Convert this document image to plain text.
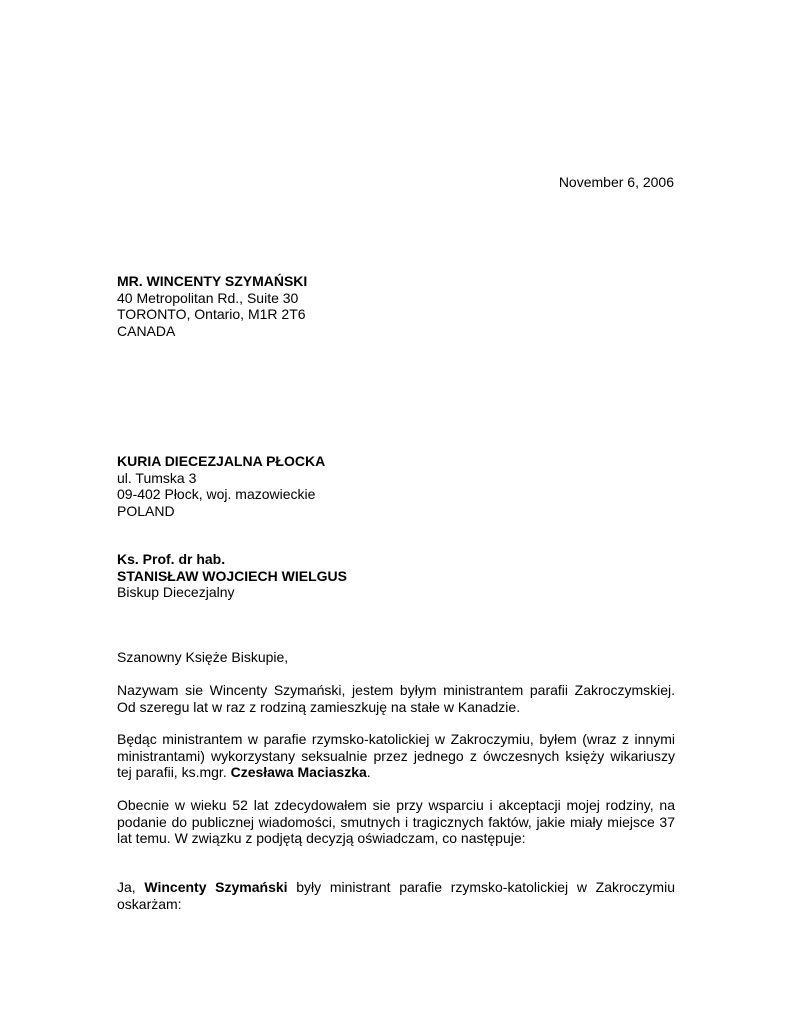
November 6, 2006
MR. WINCENTY SZYMAŃSKI
40 Metropolitan Rd., Suite 30
TORONTO, Ontario, M1R 2T6
CANADA
KURIA DIECEZJALNA PŁOCKA
ul. Tumska 3
09-402 Płock, woj. mazowieckie
POLAND
Ks. Prof. dr hab.
STANISŁAW WOJCIECH WIELGUS
Biskup Diecezjalny
Szanowny Księże Biskupie,

Nazywam sie Wincenty Szymański, jestem byłym ministrantem parafii Zakroczymskiej. Od szeregu lat w raz z rodziną zamieszkuję na stałe w Kanadzie.

Będąc ministrantem w parafie rzymsko-katolickiej w Zakroczymiu, byłem (wraz z innymi ministrantami) wykorzystany seksualnie przez jednego z ówczesnych księży wikariuszy tej parafii, ks.mgr. Czesława Maciaszka.

Obecnie w wieku 52 lat zdecydowałem sie przy wsparciu i akceptacji mojej rodziny, na podanie do publicznej wiadomości, smutnych i tragicznych faktów, jakie miały miejsce 37 lat temu. W związku z podjętą decyzją oświadczam, co następuje:

Ja, Wincenty Szymański były ministrant parafie rzymsko-katolickiej w Zakroczymiu oskarżam:
